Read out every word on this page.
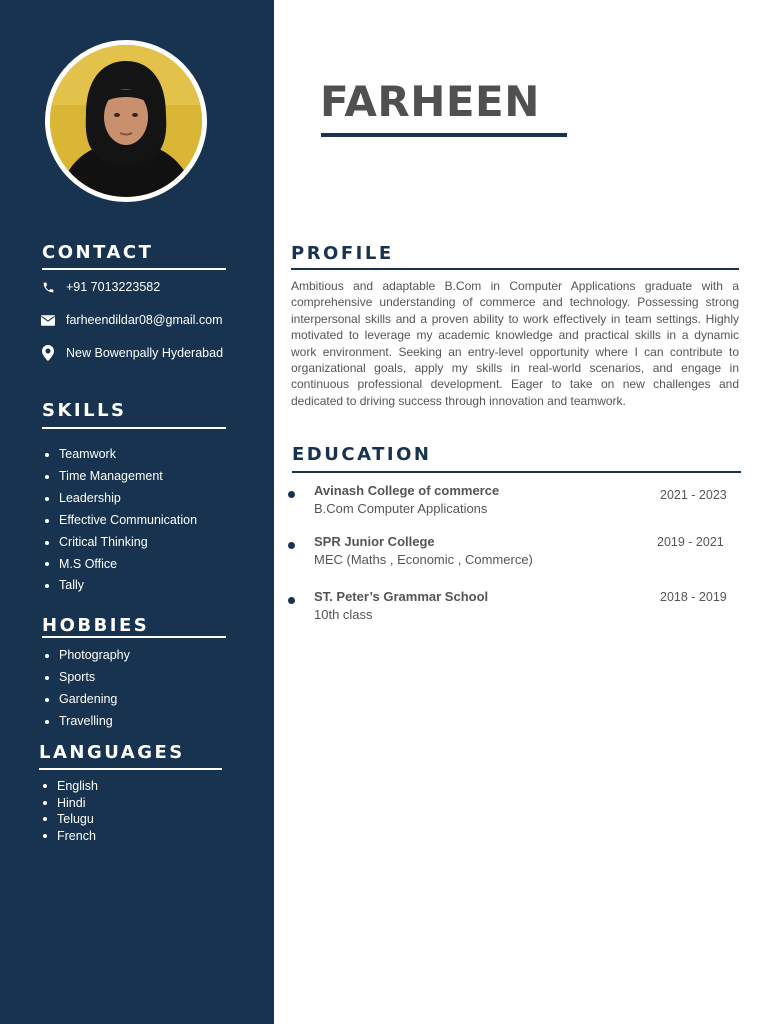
CONTACT
+91 7013223582
farheendildar08@gmail.com
New Bowenpally Hyderabad
SKILLS
Teamwork
Time Management
Leadership
Effective Communication
Critical Thinking
M.S Office
Tally
HOBBIES
Photography
Sports
Gardening
Travelling
LANGUAGES
English
Hindi
Telugu
French
FARHEEN
PROFILE

Ambitious and adaptable B.Com in Computer Applications graduate with a comprehensive understanding of commerce and technology. Possessing strong interpersonal skills and a proven ability to work effectively in team settings. Highly motivated to leverage my academic knowledge and practical skills in a dynamic work environment. Seeking an entry-level opportunity where I can contribute to organizational goals, apply my skills in real-world scenarios, and engage in continuous professional development. Eager to take on new challenges and dedicated to driving success through innovation and teamwork.

EDUCATION
Avinash College of commerce
B.Com Computer Applications
2021 - 2023
SPR Junior College
MEC (Maths , Economic , Commerce)
2019 - 2021
ST. Peter’s Grammar School
10th class
2018 - 2019
